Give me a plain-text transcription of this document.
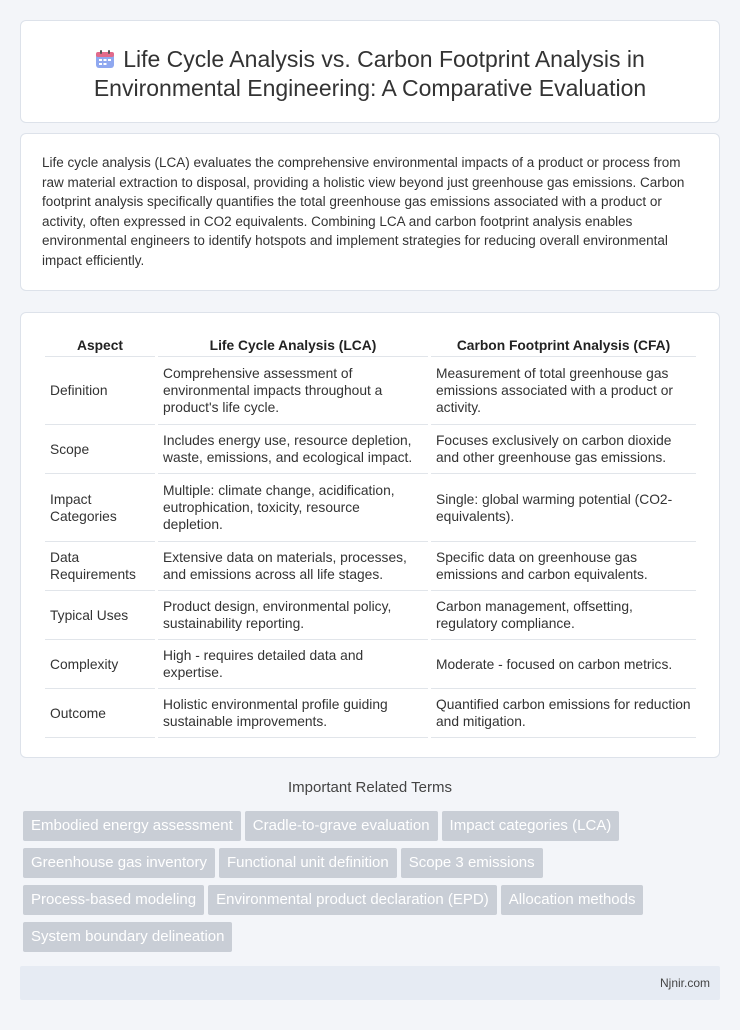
Life Cycle Analysis vs. Carbon Footprint Analysis in Environmental Engineering: A Comparative Evaluation

Life cycle analysis (LCA) evaluates the comprehensive environmental impacts of a product or process from raw material extraction to disposal, providing a holistic view beyond just greenhouse gas emissions. Carbon footprint analysis specifically quantifies the total greenhouse gas emissions associated with a product or activity, often expressed in CO2 equivalents. Combining LCA and carbon footprint analysis enables environmental engineers to identify hotspots and implement strategies for reducing overall environmental impact efficiently.

Aspect	Life Cycle Analysis (LCA)	Carbon Footprint Analysis (CFA)
Definition	Comprehensive assessment of environmental impacts throughout a product's life cycle.	Measurement of total greenhouse gas emissions associated with a product or activity.
Scope	Includes energy use, resource depletion, waste, emissions, and ecological impact.	Focuses exclusively on carbon dioxide and other greenhouse gas emissions.
Impact Categories	Multiple: climate change, acidification, eutrophication, toxicity, resource depletion.	Single: global warming potential (CO2-equivalents).
Data Requirements	Extensive data on materials, processes, and emissions across all life stages.	Specific data on greenhouse gas emissions and carbon equivalents.
Typical Uses	Product design, environmental policy, sustainability reporting.	Carbon management, offsetting, regulatory compliance.
Complexity	High - requires detailed data and expertise.	Moderate - focused on carbon metrics.
Outcome	Holistic environmental profile guiding sustainable improvements.	Quantified carbon emissions for reduction and mitigation.
Important Related Terms
Embodied energy assessment Cradle-to-grave evaluation Impact categories (LCA)Greenhouse gas inventory Functional unit definition Scope 3 emissionsProcess-based modeling Environmental product declaration (EPD) Allocation methodsSystem boundary delineation
Njnir.com
